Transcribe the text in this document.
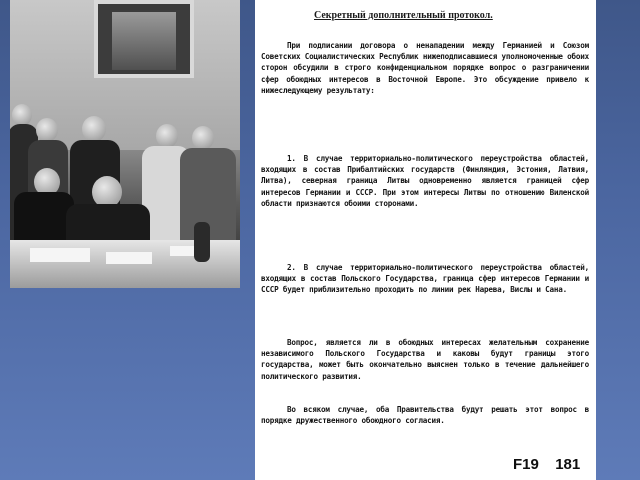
Секретный дополнительный протокол.
При подписании договора о ненападении между Германией и Союзом Советских Социалистических Республик нижеподписавшиеся уполномоченные обоих сторон обсудили в строго конфиденциальном порядке вопрос о разграничении сфер обоюдных интересов в Восточной Европе. Это обсуждение привело к нижеследующему результату:
1. В случае территориально-политического переустройства областей, входящих в состав Прибалтийских государств (Финляндия, Эстония, Латвия, Литва), северная граница Литвы одновременно является границей сфер интересов Германии и СССР. При этом интересы Литвы по отношению Виленской области признаются обоими сторонами.
2. В случае территориально-политического переустройства областей, входящих в состав Польского Государства, граница сфер интересов Германии и СССР будет приблизительно проходить по линии рек Нарева, Вислы и Сана.
Вопрос, является ли в обоюдных интересах желательным сохранение независимого Польского Государства и каковы будут границы этого государства, может быть окончательно выяснен только в течение дальнейшего политического развития.
Во всяком случае, оба Правительства будут решать этот вопрос в порядке дружественного обоюдного согласия.
F19 181
